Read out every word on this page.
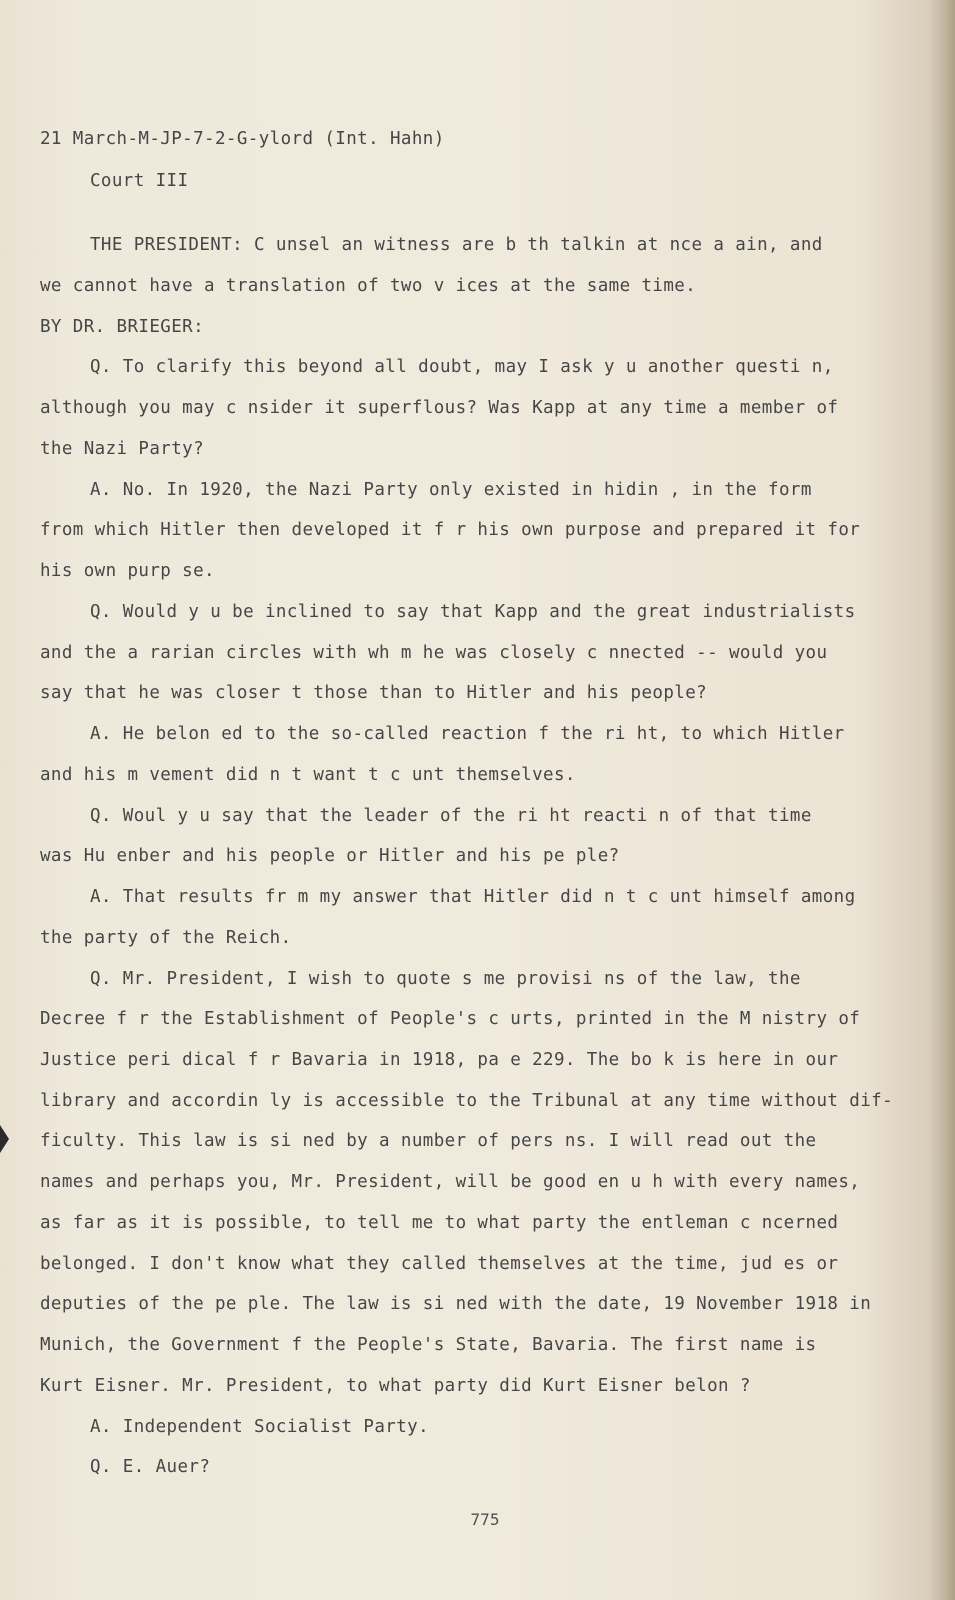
21 March-M-JP-7-2-G-ylord (Int. Hahn)
Court III
THE PRESIDENT: C unsel an witness are b th talkin at nce a ain, and
we cannot have a translation of two v ices at the same time.
BY DR. BRIEGER:
Q. To clarify this beyond all doubt, may I ask y u another questi n,
although you may c nsider it superflous? Was Kapp at any time a member of
the Nazi Party?
A. No. In 1920, the Nazi Party only existed in hidin , in the form
from which Hitler then developed it f r his own purpose and prepared it for
his own purp se.
Q. Would y u be inclined to say that Kapp and the great industrialists
and the a rarian circles with wh m he was closely c nnected -- would you
say that he was closer t those than to Hitler and his people?
A. He belon ed to the so-called reaction f the ri ht, to which Hitler
and his m vement did n t want t c unt themselves.
Q. Woul y u say that the leader of the ri ht reacti n of that time
was Hu enber and his people or Hitler and his pe ple?
A. That results fr m my answer that Hitler did n t c unt himself among
the party of the Reich.
Q. Mr. President, I wish to quote s me provisi ns of the law, the
Decree f r the Establishment of People's c urts, printed in the M nistry of
Justice peri dical f r Bavaria in 1918, pa e 229. The bo k is here in our
library and accordin ly is accessible to the Tribunal at any time without dif-
ficulty. This law is si ned by a number of pers ns. I will read out the
names and perhaps you, Mr. President, will be good en u h with every names,
as far as it is possible, to tell me to what party the entleman c ncerned
belonged. I don't know what they called themselves at the time, jud es or
deputies of the pe ple. The law is si ned with the date, 19 November 1918 in
Munich, the Government f the People's State, Bavaria. The first name is
Kurt Eisner. Mr. President, to what party did Kurt Eisner belon ?
A. Independent Socialist Party.
Q. E. Auer?
775
